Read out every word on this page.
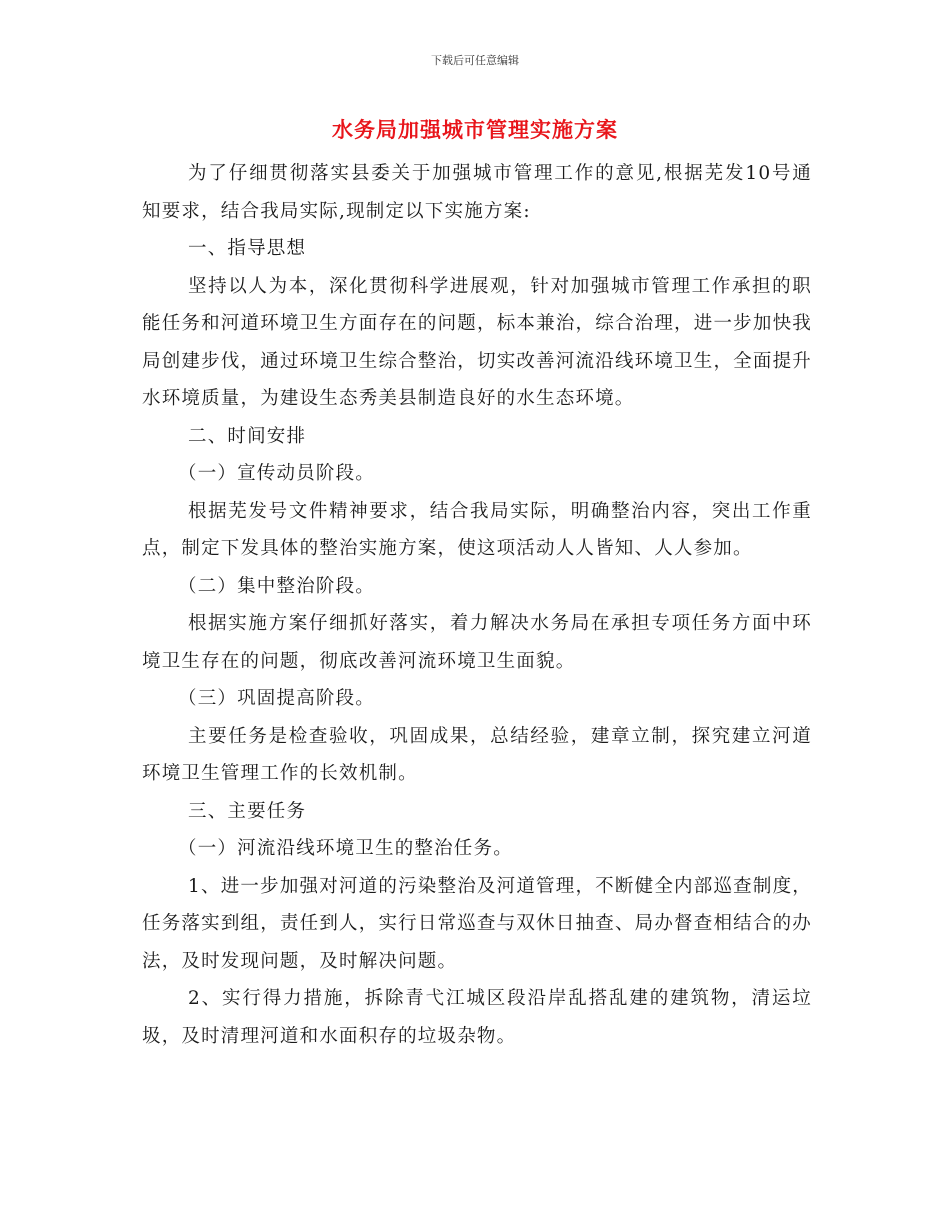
下载后可任意编辑
水务局加强城市管理实施方案

为了仔细贯彻落实县委关于加强城市管理工作的意见,根据芜发10号通知要求，结合我局实际,现制定以下实施方案:

一、指导思想

坚持以人为本，深化贯彻科学进展观，针对加强城市管理工作承担的职能任务和河道环境卫生方面存在的问题，标本兼治，综合治理，进一步加快我局创建步伐，通过环境卫生综合整治，切实改善河流沿线环境卫生，全面提升水环境质量，为建设生态秀美县制造良好的水生态环境。

二、时间安排

（一）宣传动员阶段。

根据芜发号文件精神要求，结合我局实际，明确整治内容，突出工作重点，制定下发具体的整治实施方案，使这项活动人人皆知、人人参加。

（二）集中整治阶段。

根据实施方案仔细抓好落实，着力解决水务局在承担专项任务方面中环境卫生存在的问题，彻底改善河流环境卫生面貌。

（三）巩固提高阶段。

主要任务是检查验收，巩固成果，总结经验，建章立制，探究建立河道环境卫生管理工作的长效机制。

三、主要任务

（一）河流沿线环境卫生的整治任务。

1、进一步加强对河道的污染整治及河道管理，不断健全内部巡查制度，任务落实到组，责任到人，实行日常巡查与双休日抽查、局办督查相结合的办法，及时发现问题，及时解决问题。

2、实行得力措施，拆除青弋江城区段沿岸乱搭乱建的建筑物，清运垃圾，及时清理河道和水面积存的垃圾杂物。
